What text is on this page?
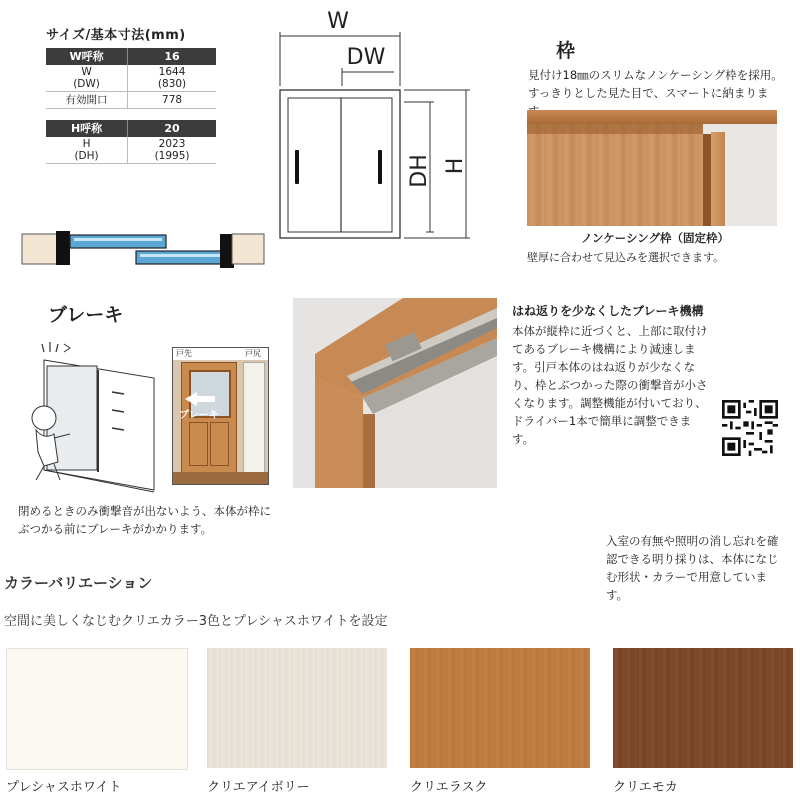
サイズ/基本寸法(mm)
W呼称	16
W
(DW)	1644
(830)
有効開口	778
H呼称	20
H
(DH)	2023
(1995)
W
DW
DH H
枠
見付け18㎜のスリムなノンケーシング枠を採用。すっきりとした見た目で、スマートに納まりま
ノンケーシング枠（固定枠）
壁厚に合わせて見込みを選択できます。
ブレーキ
戸先	戸尻
ブレーキ
閉めるときのみ衝撃音が出ないよう、本体が枠にぶつかる前にブレーキがかかります。
はね返りを少なくしたブレーキ機構
本体が縦枠に近づくと、上部に取付けてあるブレーキ機構により減速します。引戸本体のはね返りが少なくなり、枠とぶつかった際の衝撃音が小さくなります。調整機能が付いており、ドライバー1本で簡単に調整できます。
入室の有無や照明の消し忘れを確認できる明り採りは、本体になじむ形状・カラーで用意しています。
カラーバリエーション
空間に美しくなじむクリエカラー3色とプレシャスホワイトを設定
プレシャスホワイト	クリエアイボリー	クリエラスク	クリエモカ
